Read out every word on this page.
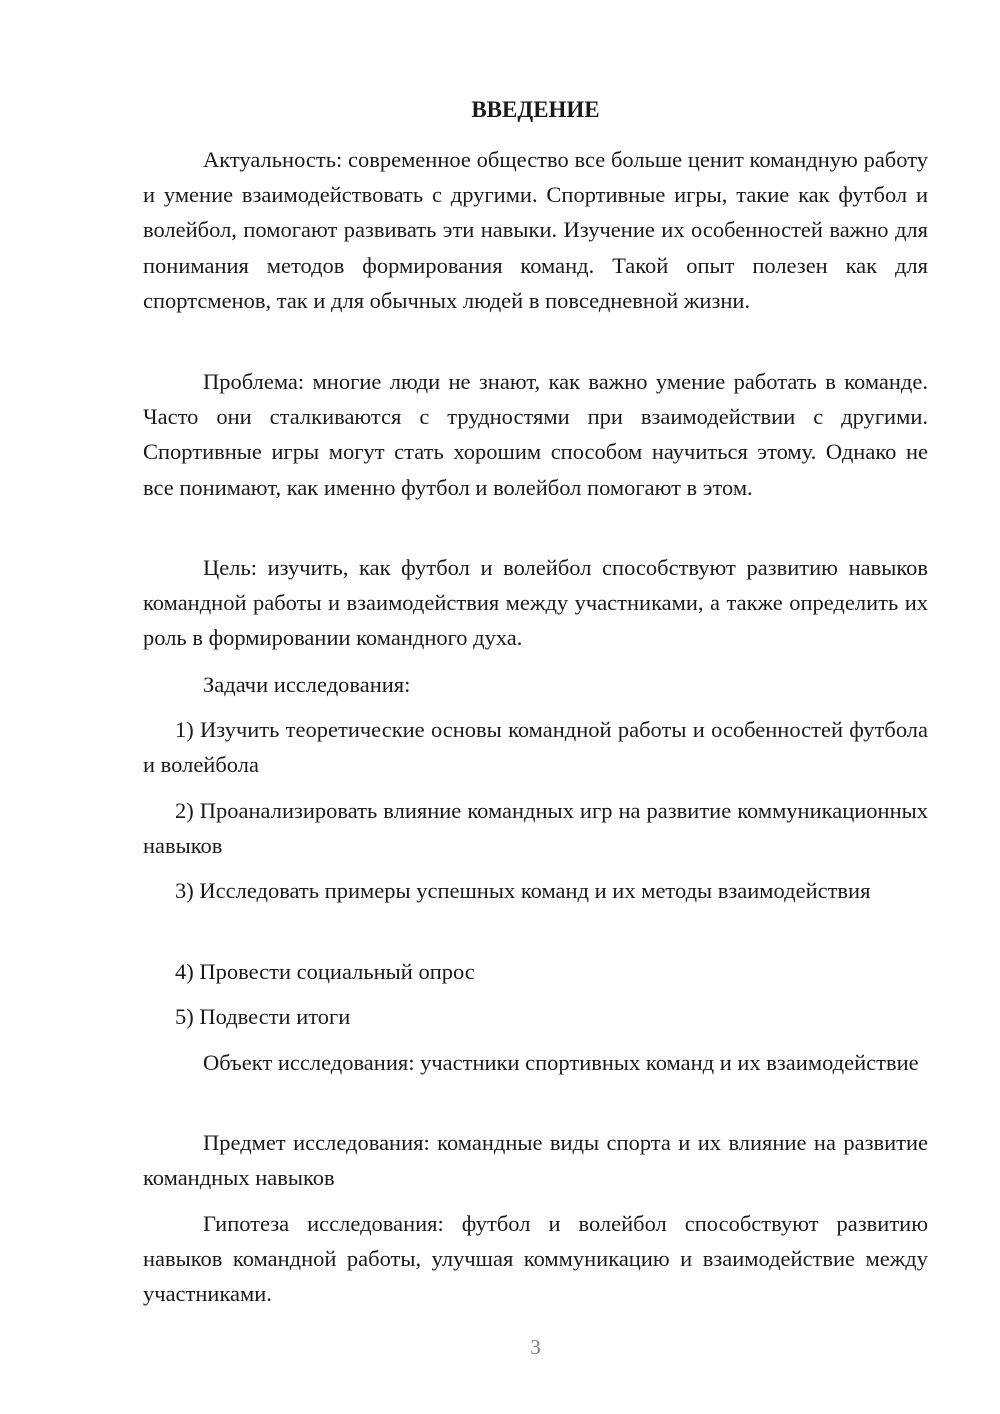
ВВЕДЕНИЕ

Актуальность: современное общество все больше ценит командную работу и умение взаимодействовать с другими. Спортивные игры, такие как футбол и волейбол, помогают развивать эти навыки. Изучение их особенностей важно для понимания методов формирования команд. Такой опыт полезен как для спортсменов, так и для обычных людей в повседневной жизни.

Проблема: многие люди не знают, как важно умение работать в команде. Часто они сталкиваются с трудностями при взаимодействии с другими. Спортивные игры могут стать хорошим способом научиться этому. Однако не все понимают, как именно футбол и волейбол помогают в этом.

Цель: изучить, как футбол и волейбол способствуют развитию навыков командной работы и взаимодействия между участниками, а также определить их роль в формировании командного духа.

Задачи исследования:

1) Изучить теоретические основы командной работы и особенностей футбола и волейбола

2) Проанализировать влияние командных игр на развитие коммуникационных навыков

3) Исследовать примеры успешных команд и их методы взаимодействия

4) Провести социальный опрос

5) Подвести итоги

Объект исследования: участники спортивных команд и их взаимодействие

Предмет исследования: командные виды спорта и их влияние на развитие командных навыков

Гипотеза исследования: футбол и волейбол способствуют развитию навыков командной работы, улучшая коммуникацию и взаимодействие между участниками.

3
